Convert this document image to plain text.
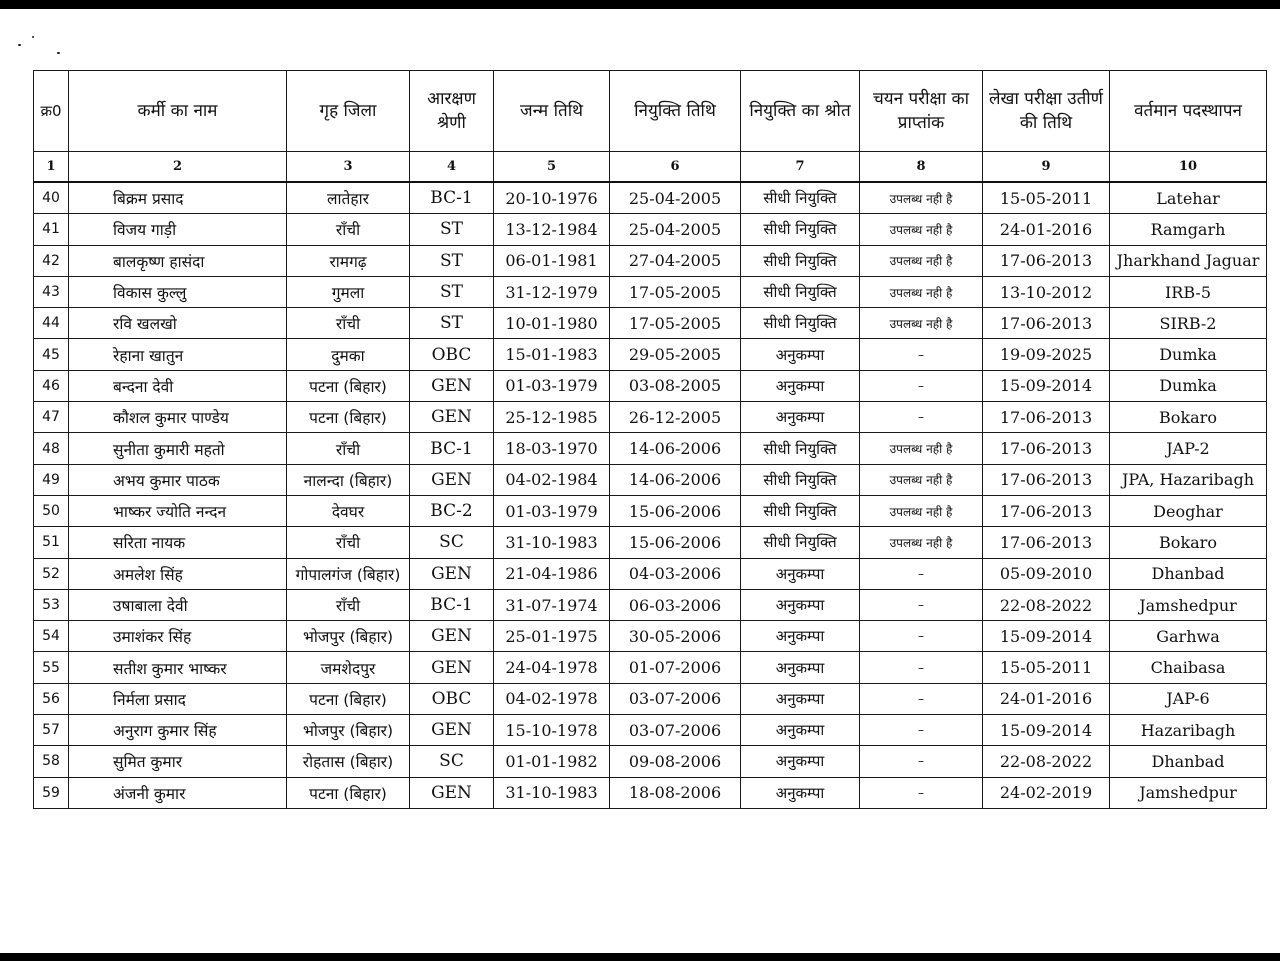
क्र0	कर्मी का नाम	गृह जिला	आरक्षण श्रेणी	जन्म तिथि	नियुक्ति तिथि	नियुक्ति का श्रोत	चयन परीक्षा का प्राप्तांक	लेखा परीक्षा उतीर्ण की तिथि	वर्तमान पदस्थापन
1	2	3	4	5	6	7	8	9	10
40	बिक्रम प्रसाद	लातेहार	BC-1	20-10-1976	25-04-2005	सीधी नियुक्ति	उपलब्ध नही है	15-05-2011	Latehar
41	विजय गाड़ी	राँची	ST	13-12-1984	25-04-2005	सीधी नियुक्ति	उपलब्ध नही है	24-01-2016	Ramgarh
42	बालकृष्ण हासंदा	रामगढ़	ST	06-01-1981	27-04-2005	सीधी नियुक्ति	उपलब्ध नही है	17-06-2013	Jharkhand Jaguar
43	विकास कुल्लु	गुमला	ST	31-12-1979	17-05-2005	सीधी नियुक्ति	उपलब्ध नही है	13-10-2012	IRB-5
44	रवि खलखो	राँची	ST	10-01-1980	17-05-2005	सीधी नियुक्ति	उपलब्ध नही है	17-06-2013	SIRB-2
45	रेहाना खातुन	दुमका	OBC	15-01-1983	29-05-2005	अनुकम्पा	–	19-09-2025	Dumka
46	बन्दना देवी	पटना (बिहार)	GEN	01-03-1979	03-08-2005	अनुकम्पा	–	15-09-2014	Dumka
47	कौशल कुमार पाण्डेय	पटना (बिहार)	GEN	25-12-1985	26-12-2005	अनुकम्पा	–	17-06-2013	Bokaro
48	सुनीता कुमारी महतो	राँची	BC-1	18-03-1970	14-06-2006	सीधी नियुक्ति	उपलब्ध नही है	17-06-2013	JAP-2
49	अभय कुमार पाठक	नालन्दा (बिहार)	GEN	04-02-1984	14-06-2006	सीधी नियुक्ति	उपलब्ध नही है	17-06-2013	JPA, Hazaribagh
50	भाष्कर ज्योति नन्दन	देवघर	BC-2	01-03-1979	15-06-2006	सीधी नियुक्ति	उपलब्ध नही है	17-06-2013	Deoghar
51	सरिता नायक	राँची	SC	31-10-1983	15-06-2006	सीधी नियुक्ति	उपलब्ध नही है	17-06-2013	Bokaro
52	अमलेश सिंह	गोपालगंज (बिहार)	GEN	21-04-1986	04-03-2006	अनुकम्पा	–	05-09-2010	Dhanbad
53	उषाबाला देवी	राँची	BC-1	31-07-1974	06-03-2006	अनुकम्पा	–	22-08-2022	Jamshedpur
54	उमाशंकर सिंह	भोजपुर (बिहार)	GEN	25-01-1975	30-05-2006	अनुकम्पा	–	15-09-2014	Garhwa
55	सतीश कुमार भाष्कर	जमशेदपुर	GEN	24-04-1978	01-07-2006	अनुकम्पा	–	15-05-2011	Chaibasa
56	निर्मला प्रसाद	पटना (बिहार)	OBC	04-02-1978	03-07-2006	अनुकम्पा	–	24-01-2016	JAP-6
57	अनुराग कुमार सिंह	भोजपुर (बिहार)	GEN	15-10-1978	03-07-2006	अनुकम्पा	–	15-09-2014	Hazaribagh
58	सुमित कुमार	रोहतास (बिहार)	SC	01-01-1982	09-08-2006	अनुकम्पा	–	22-08-2022	Dhanbad
59	अंजनी कुमार	पटना (बिहार)	GEN	31-10-1983	18-08-2006	अनुकम्पा	–	24-02-2019	Jamshedpur
